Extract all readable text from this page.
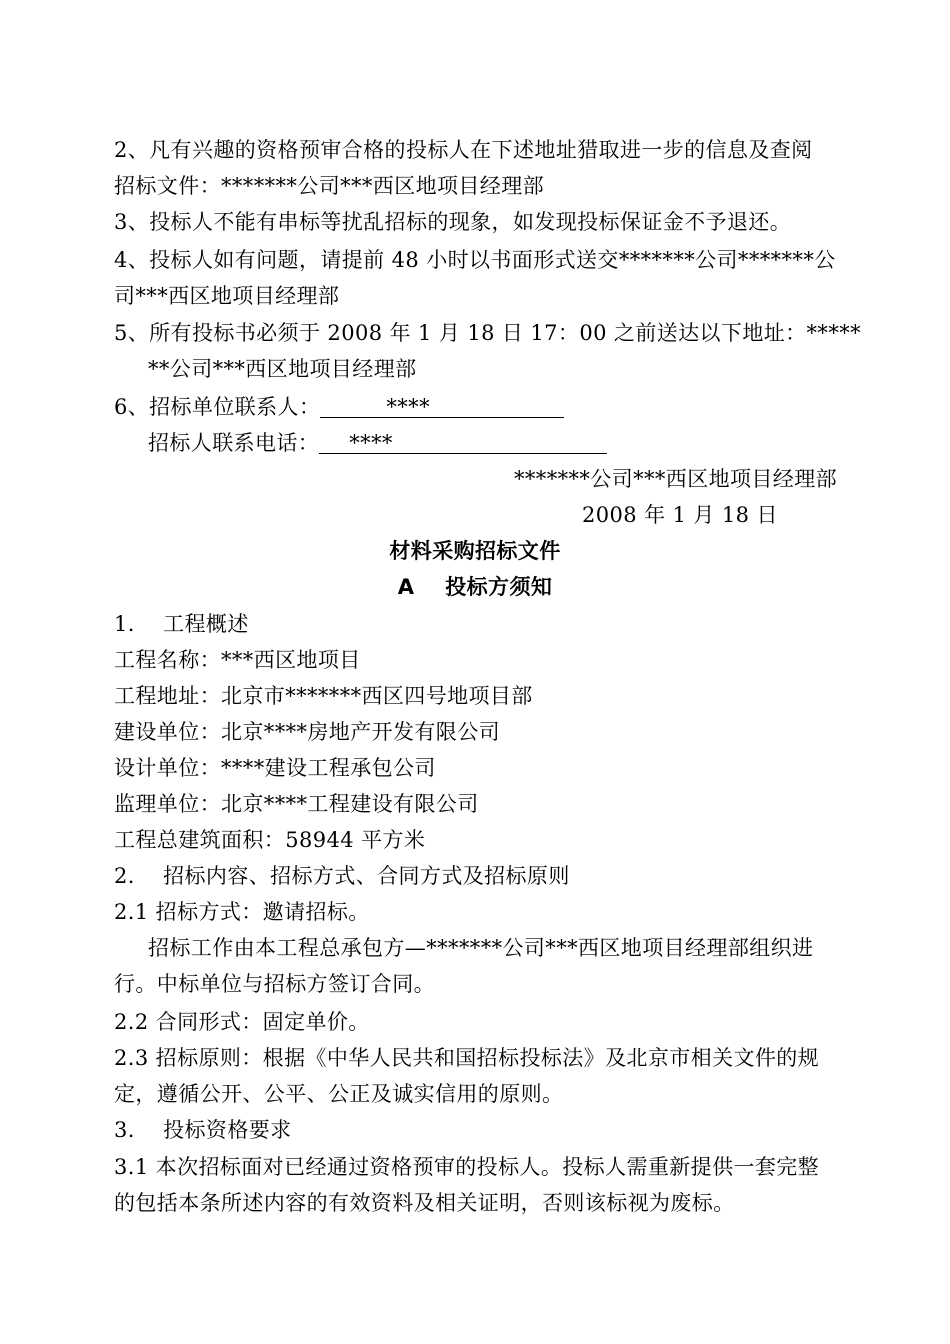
2、凡有兴趣的资格预审合格的投标人在下述地址猎取进一步的信息及查阅
招标文件：*******公司***西区地项目经理部
3、投标人不能有串标等扰乱招标的现象，如发现投标保证金不予退还。
4、投标人如有问题，请提前 48 小时以书面形式送交*******公司*******公
司***西区地项目经理部
5、所有投标书必须于 2008 年 1 月 18 日 17：00 之前送达以下地址：*****
**公司***西区地项目经理部
6、招标单位联系人：	****
招标人联系电话： ****
*******公司***西区地项目经理部
2008 年 1 月 18 日
材料采购招标文件
A    投标方须知
1.    工程概述
工程名称：***西区地项目
工程地址：北京市*******西区四号地项目部
建设单位：北京****房地产开发有限公司
设计单位：****建设工程承包公司
监理单位：北京****工程建设有限公司
工程总建筑面积：58944 平方米
2.    招标内容、招标方式、合同方式及招标原则
2.1 招标方式：邀请招标。
招标工作由本工程总承包方—*******公司***西区地项目经理部组织进
行。中标单位与招标方签订合同。
2.2 合同形式：固定单价。
2.3 招标原则：根据《中华人民共和国招标投标法》及北京市相关文件的规
定，遵循公开、公平、公正及诚实信用的原则。
3.    投标资格要求
3.1 本次招标面对已经通过资格预审的投标人。投标人需重新提供一套完整
的包括本条所述内容的有效资料及相关证明，否则该标视为废标。
